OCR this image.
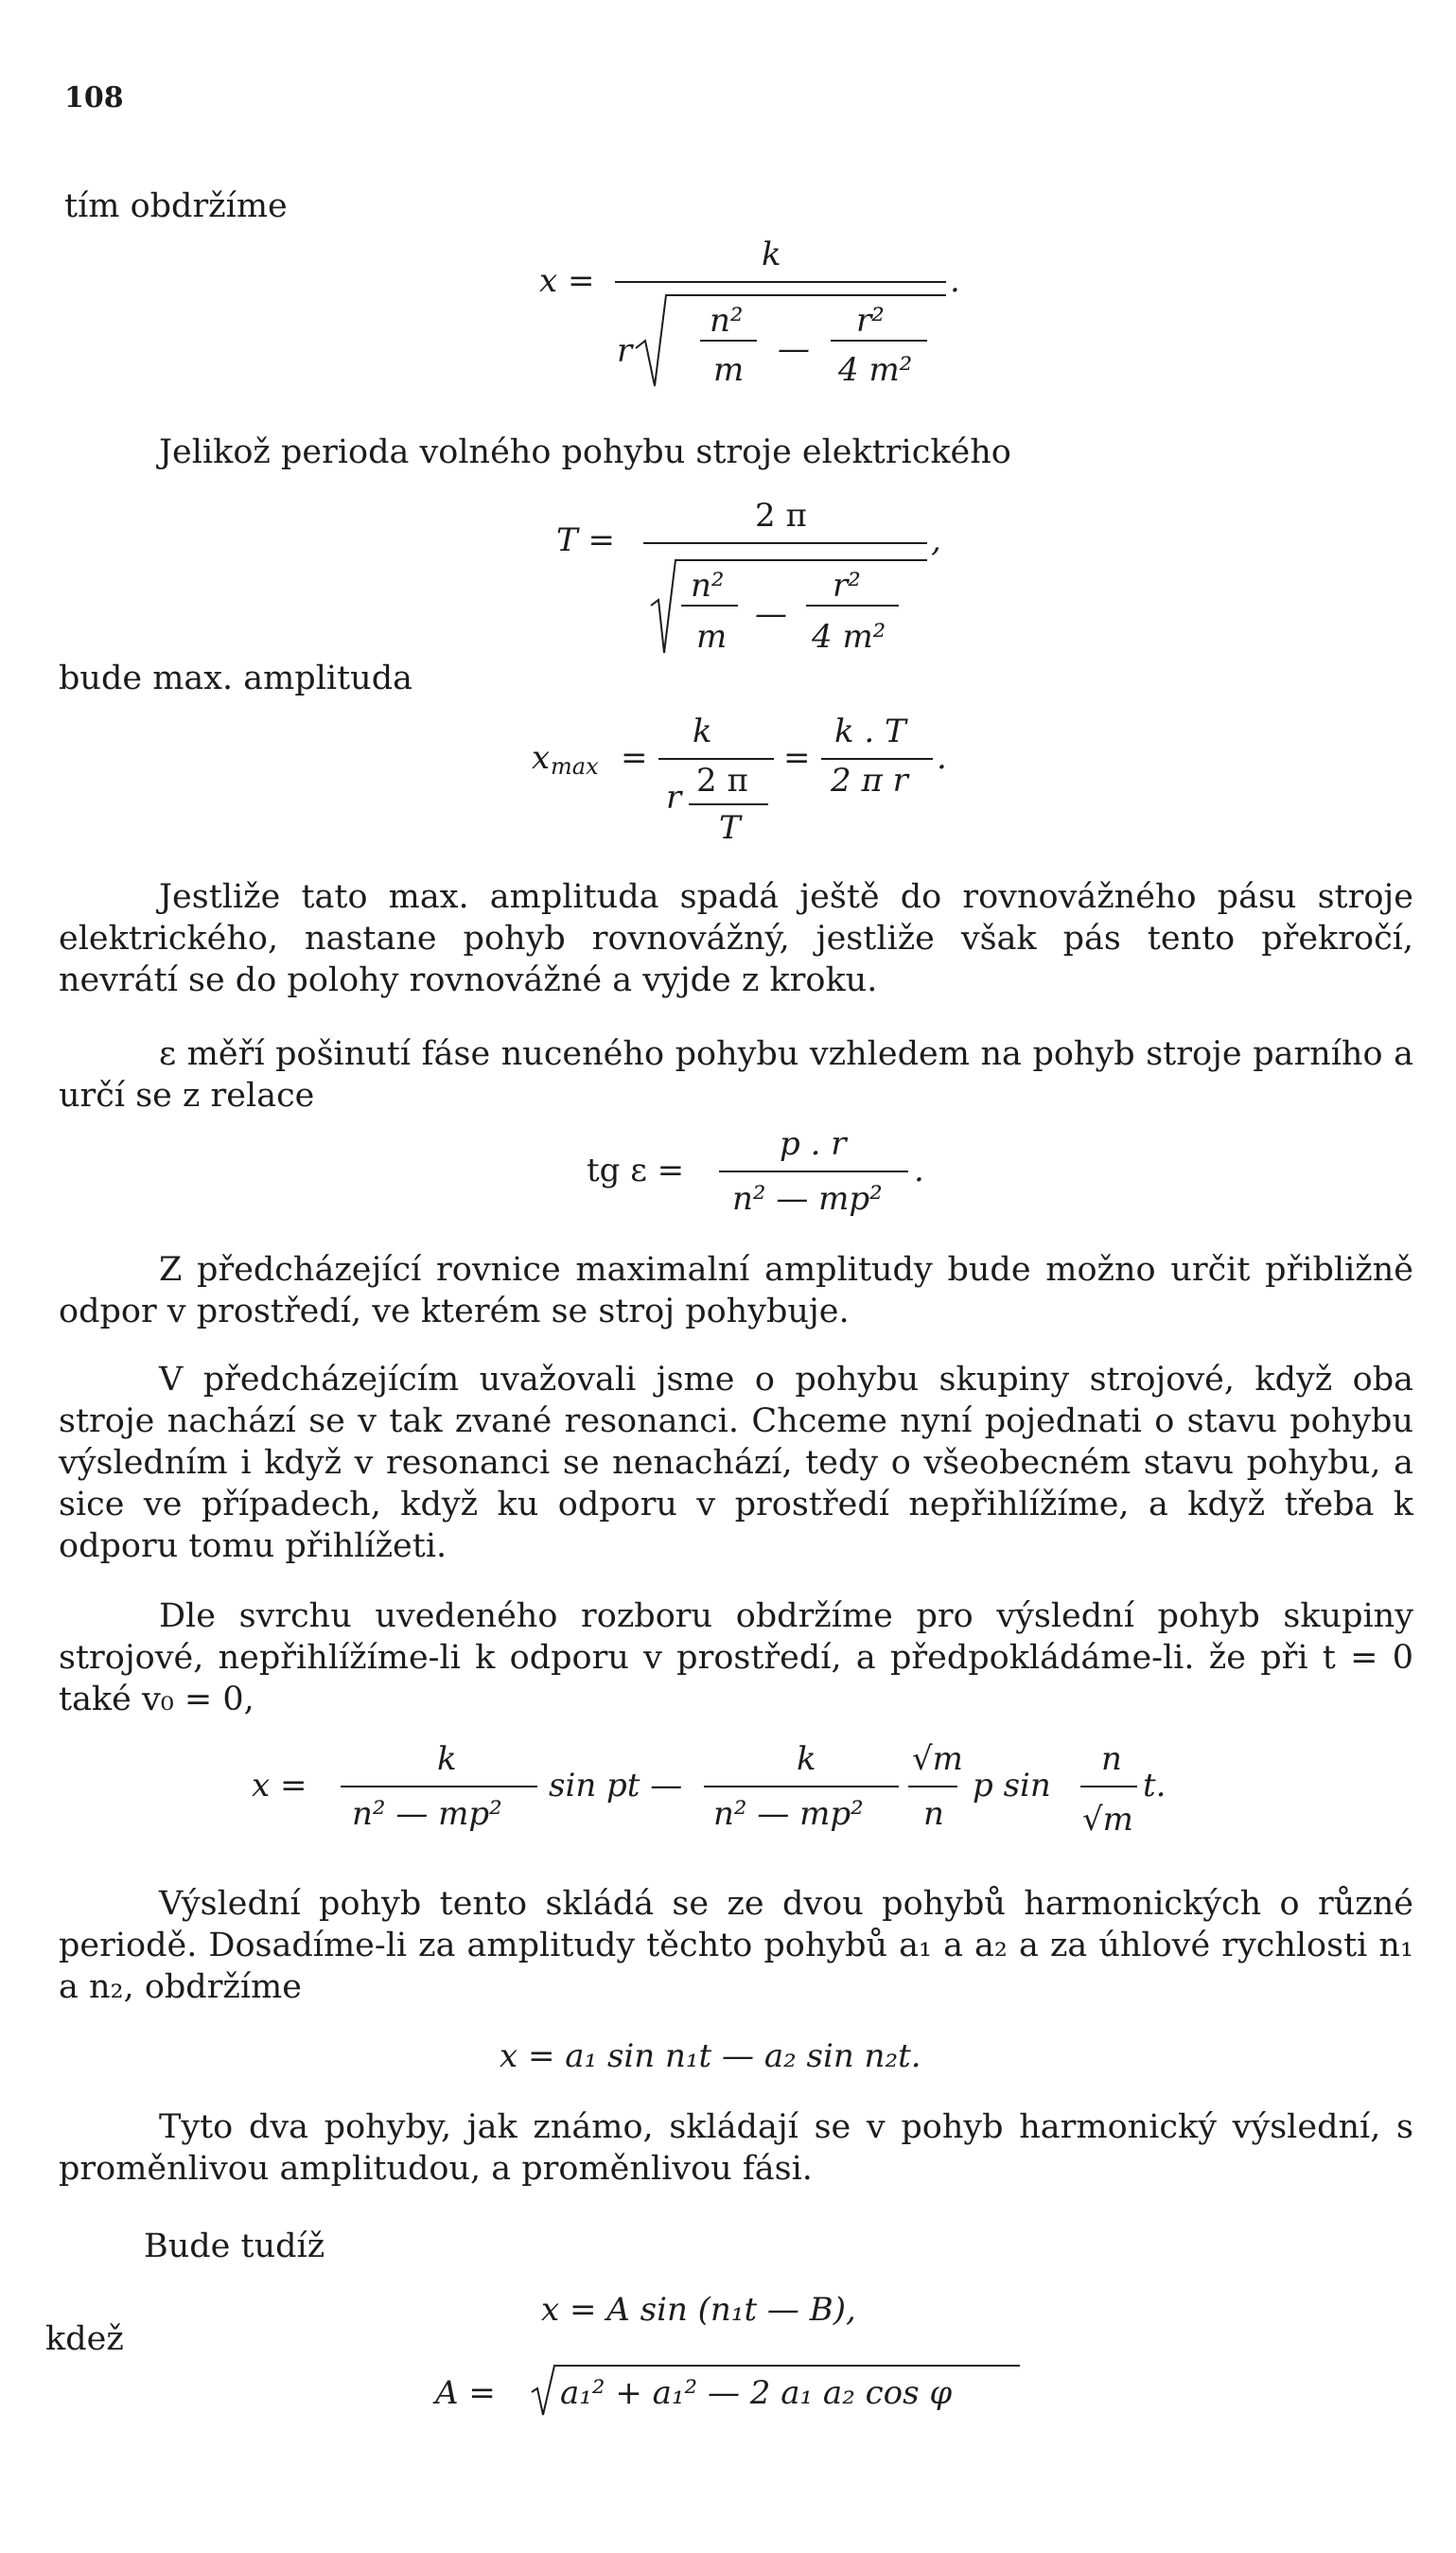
108

tím obdržíme

x =
k
r
n²
m
—
r²
4 m²
.

Jelikož perioda volného pohybu stroje elektrického

T =
2 π
n²
m
—
r²
4 m²
,
bude max. amplituda
x max =
k
2 π
r
T
=
k . T
2 π r
.

Jestliže tato max. amplituda spadá ještě do rovnovážného pásu stroje elektrického, nastane pohyb rovnovážný, jestliže však pás tento překročí, nevrátí se do polohy rovnovážné a vyjde z kroku.

ε měří pošinutí fáse nuceného pohybu vzhledem na pohyb stroje parního a určí se z relace

tg ε =
p . r
n² — mp²
.

Z předcházející rovnice maximalní amplitudy bude možno určit přibližně odpor v prostředí, ve kterém se stroj pohybuje.

V předcházejícím uvažovali jsme o pohybu skupiny strojové, když oba stroje nachází se v tak zvané resonanci. Chceme nyní pojednati o stavu pohybu výsledním i když v resonanci se nenachází, tedy o všeobecném stavu pohybu, a sice ve případech, když ku odporu v prostředí nepřihlížíme, a když třeba k odporu tomu přihlížeti.

Dle svrchu uvedeného rozboru obdržíme pro výslední pohyb skupiny strojové, nepřihlížíme-li k odporu v prostředí, a předpokládáme-li. že při t = 0 také v₀ = 0,

x =
k
n² — mp²
sin pt —
k
n² — mp²
√m
n
p sin
n
√m
t.

Výslední pohyb tento skládá se ze dvou pohybů harmonických o různé periodě. Dosadíme-li za amplitudy těchto pohybů a₁ a a₂ a za úhlové rychlosti n₁ a n₂, obdržíme

x = a₁ sin n₁t — a₂ sin n₂t.

Tyto dva pohyby, jak známo, skládají se v pohyb harmonický výslední, s proměnlivou amplitudou, a proměnlivou fási.

Bude tudíž

x = A sin (n₁t — B),
kdež
A = a₁² + a₁² — 2 a₁ a₂ cos φ
